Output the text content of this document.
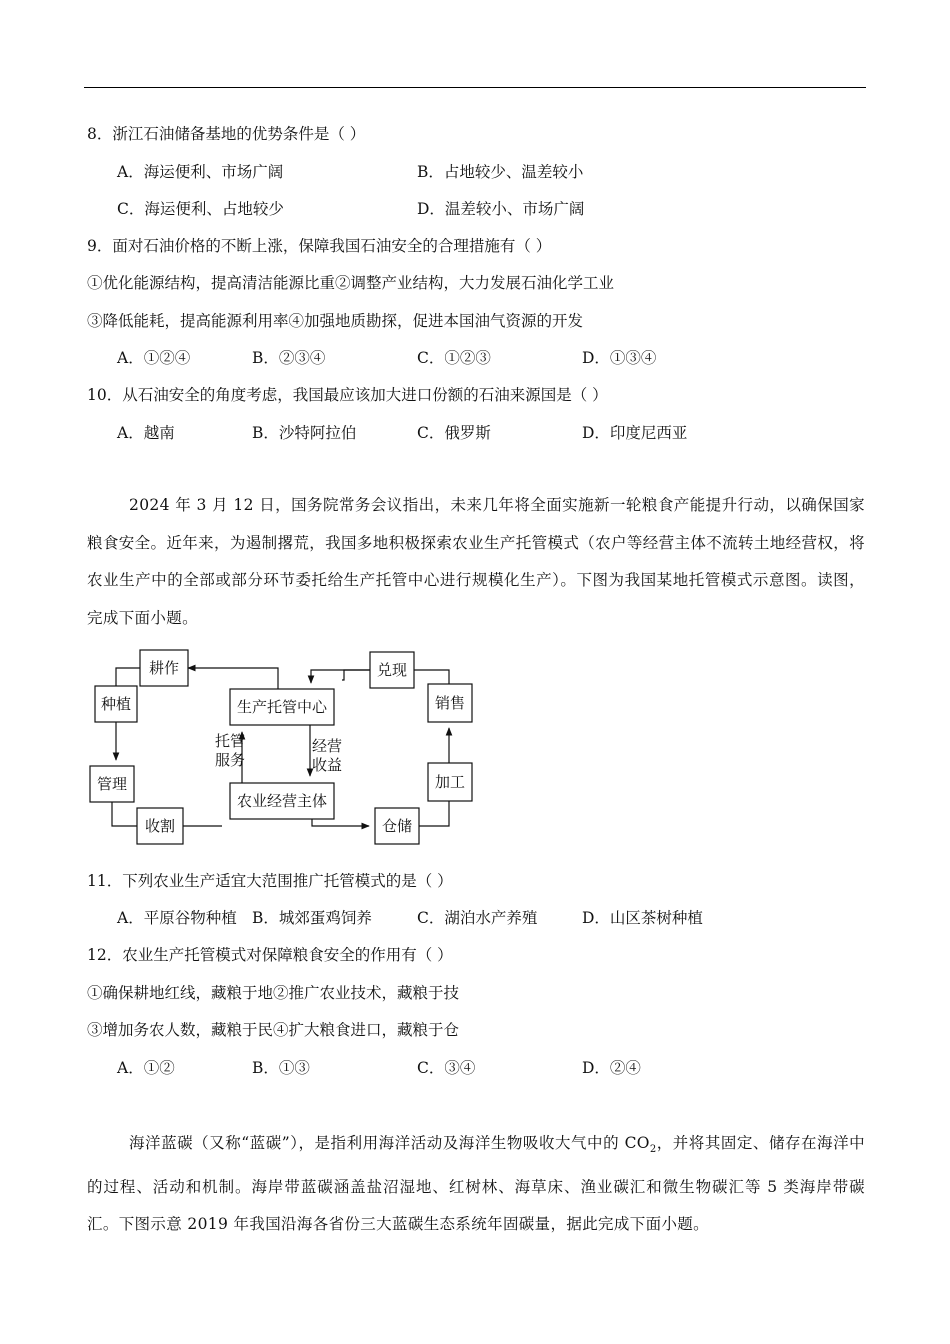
8．浙江石油储备基地的优势条件是（ ）
A．海运便利、市场广阔	B．占地较少、温差较小
C．海运便利、占地较少	D．温差较小、市场广阔
9．面对石油价格的不断上涨，保障我国石油安全的合理措施有（ ）
①优化能源结构，提高清洁能源比重②调整产业结构，大力发展石油化学工业
③降低能耗，提高能源利用率④加强地质勘探，促进本国油气资源的开发
A．①②④	B．②③④	C．①②③	D．①③④
10．从石油安全的角度考虑，我国最应该加大进口份额的石油来源国是（ ）
A．越南	B．沙特阿拉伯	C．俄罗斯	D．印度尼西亚
2024 年 3 月 12 日，国务院常务会议指出，未来几年将全面实施新一轮粮食产能提升行动，以确保国家粮食安全。近年来，为遏制撂荒，我国多地积极探索农业生产托管模式（农户等经营主体不流转土地经营权，将农业生产中的全部或部分环节委托给生产托管中心进行规模化生产）。下图为我国某地托管模式示意图。读图，完成下面小题。
耕作
种植
管理
收割
生产托管中心
农业经营主体
托管
服务
经营
收益
兑现
销售
加工
仓储
11．下列农业生产适宜大范围推广托管模式的是（ ）
A．平原谷物种植 B．城郊蛋鸡饲养	C．湖泊水产养殖	D．山区茶树种植
12．农业生产托管模式对保障粮食安全的作用有（ ）
①确保耕地红线，藏粮于地②推广农业技术，藏粮于技
③增加务农人数，藏粮于民④扩大粮食进口，藏粮于仓
A．①②	B．①③	C．③④	D．②④
海洋蓝碳（又称“蓝碳”），是指利用海洋活动及海洋生物吸收大气中的 $CO_2$，并将其固定、储存在海洋中的过程、活动和机制。海岸带蓝碳涵盖盐沼湿地、红树林、海草床、渔业碳汇和微生物碳汇等 5 类海岸带碳汇。下图示意 2019 年我国沿海各省份三大蓝碳生态系统年固碳量，据此完成下面小题。
